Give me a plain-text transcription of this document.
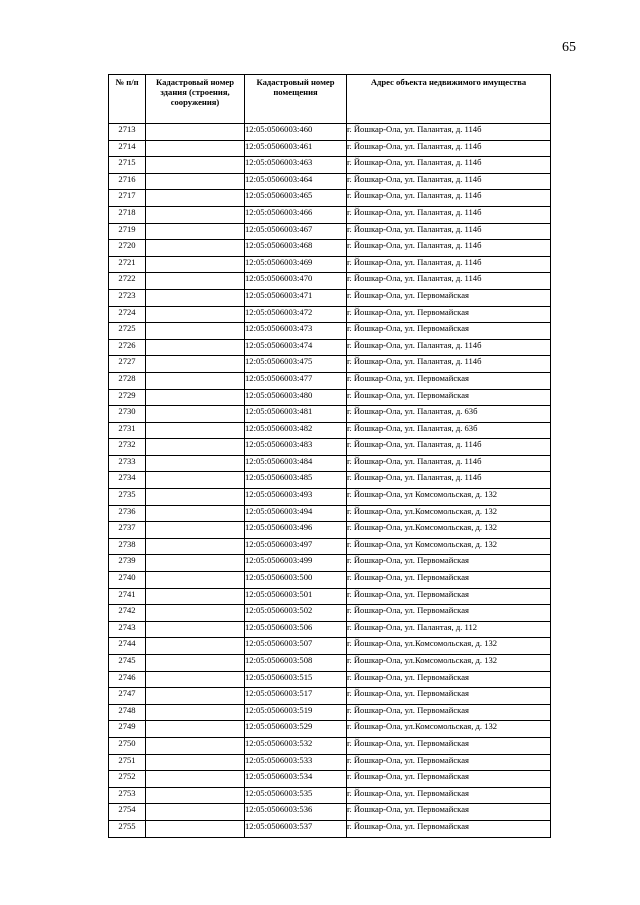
65
№ п/п	Кадастровый номер здания (строения, сооружения)	Кадастровый номер помещения	Адрес объекта недвижимого имущества
2713		12:05:0506003:460	г. Йошкар-Ола, ул. Палантая, д. 114б
2714		12:05:0506003:461	г. Йошкар-Ола, ул. Палантая, д. 114б
2715		12:05:0506003:463	г. Йошкар-Ола, ул. Палантая, д. 114б
2716		12:05:0506003:464	г. Йошкар-Ола, ул. Палантая, д. 114б
2717		12:05:0506003:465	г. Йошкар-Ола, ул. Палантая, д. 114б
2718		12:05:0506003:466	г. Йошкар-Ола, ул. Палантая, д. 114б
2719		12:05:0506003:467	г. Йошкар-Ола, ул. Палантая, д. 114б
2720		12:05:0506003:468	г. Йошкар-Ола, ул. Палантая, д. 114б
2721		12:05:0506003:469	г. Йошкар-Ола, ул. Палантая, д. 114б
2722		12:05:0506003:470	г. Йошкар-Ола, ул. Палантая, д. 114б
2723		12:05:0506003:471	г. Йошкар-Ола, ул. Первомайская
2724		12:05:0506003:472	г. Йошкар-Ола, ул. Первомайская
2725		12:05:0506003:473	г. Йошкар-Ола, ул. Первомайская
2726		12:05:0506003:474	г. Йошкар-Ола, ул. Палантая, д. 114б
2727		12:05:0506003:475	г. Йошкар-Ола, ул. Палантая, д. 114б
2728		12:05:0506003:477	г. Йошкар-Ола, ул. Первомайская
2729		12:05:0506003:480	г. Йошкар-Ола, ул. Первомайская
2730		12:05:0506003:481	г. Йошкар-Ола, ул. Палантая, д. 63б
2731		12:05:0506003:482	г. Йошкар-Ола, ул. Палантая, д. 63б
2732		12:05:0506003:483	г. Йошкар-Ола, ул. Палантая, д. 114б
2733		12:05:0506003:484	г. Йошкар-Ола, ул. Палантая, д. 114б
2734		12:05:0506003:485	г. Йошкар-Ола, ул. Палантая, д. 114б
2735		12:05:0506003:493	г. Йошкар-Ола, ул Комсомольская, д. 132
2736		12:05:0506003:494	г. Йошкар-Ола, ул.Комсомольская, д. 132
2737		12:05:0506003:496	г. Йошкар-Ола, ул.Комсомольская, д. 132
2738		12:05:0506003:497	г. Йошкар-Ола, ул Комсомольская, д. 132
2739		12:05:0506003:499	г. Йошкар-Ола, ул. Первомайская
2740		12:05:0506003:500	г. Йошкар-Ола, ул. Первомайская
2741		12:05:0506003:501	г. Йошкар-Ола, ул. Первомайская
2742		12:05:0506003:502	г. Йошкар-Ола, ул. Первомайская
2743		12:05:0506003:506	г. Йошкар-Ола, ул. Палантая, д. 112
2744		12:05:0506003:507	г. Йошкар-Ола, ул.Комсомольская, д. 132
2745		12:05:0506003:508	г. Йошкар-Ола, ул.Комсомольская, д. 132
2746		12:05:0506003:515	г. Йошкар-Ола, ул. Первомайская
2747		12:05:0506003:517	г. Йошкар-Ола, ул. Первомайская
2748		12:05:0506003:519	г. Йошкар-Ола, ул. Первомайская
2749		12:05:0506003:529	г. Йошкар-Ола, ул.Комсомольская, д. 132
2750		12:05:0506003:532	г. Йошкар-Ола, ул. Первомайская
2751		12:05:0506003:533	г. Йошкар-Ола, ул. Первомайская
2752		12:05:0506003:534	г. Йошкар-Ола, ул. Первомайская
2753		12:05:0506003:535	г. Йошкар-Ола, ул. Первомайская
2754		12:05:0506003:536	г. Йошкар-Ола, ул. Первомайская
2755		12:05:0506003:537	г. Йошкар-Ола, ул. Первомайская
